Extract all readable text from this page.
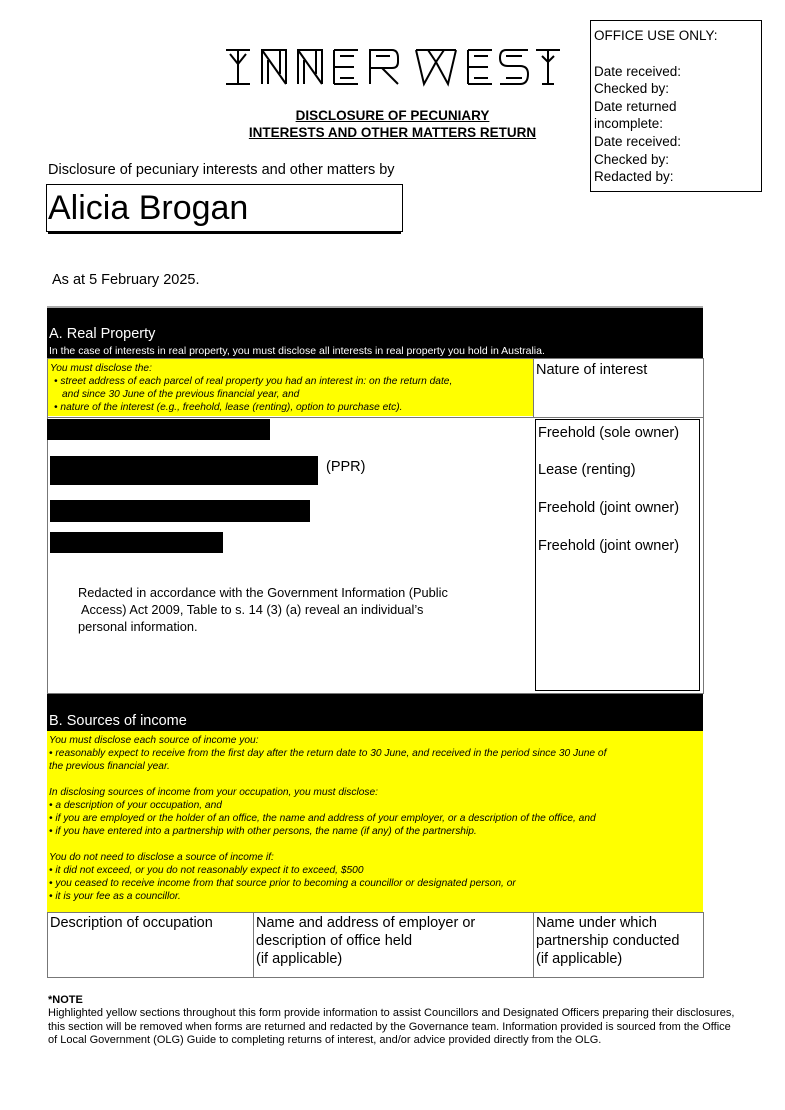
DISCLOSURE OF PECUNIARY
INTERESTS AND OTHER MATTERS RETURN
OFFICE USE ONLY:
Date received:
Checked by:
Date returned
incomplete:
Date received:
Checked by:
Redacted by:
Disclosure of pecuniary interests and other matters by
Alicia Brogan
As at 5 February 2025.
A. Real Property
In the case of interests in real property, you must disclose all interests in real property you hold in Australia.
You must disclose the:
• street address of each parcel of real property you had an interest in: on the return date,
and since 30 June of the previous financial year, and
• nature of the interest (e.g., freehold, lease (renting), option to purchase etc).
Nature of interest
(PPR)
Redacted in accordance with the Government Information (Public
Access) Act 2009, Table to s. 14 (3) (a) reveal an individual’s
personal information.
Freehold (sole owner)
Lease (renting)
Freehold (joint owner)
Freehold (joint owner)
B. Sources of income

You must disclose each source of income you:

• reasonably expect to receive from the first day after the return date to 30 June, and received in the period since 30 June of

the previous financial year.

In disclosing sources of income from your occupation, you must disclose:

• a description of your occupation, and

• if you are employed or the holder of an office, the name and address of your employer, or a description of the office, and

• if you have entered into a partnership with other persons, the name (if any) of the partnership.

You do not need to disclose a source of income if:

• it did not exceed, or you do not reasonably expect it to exceed, $500

• you ceased to receive income from that source prior to becoming a councillor or designated person, or

• it is your fee as a councillor.

Description of occupation	Name and address of employer or
description of office held
(if applicable)
Name under which
partnership conducted
(if applicable)
*NOTE
Highlighted yellow sections throughout this form provide information to assist Councillors and Designated Officers preparing their disclosures, this section will be removed when forms are returned and redacted by the Governance team. Information provided is sourced from the Office of Local Government (OLG) Guide to completing returns of interest, and/or advice provided directly from the OLG.
